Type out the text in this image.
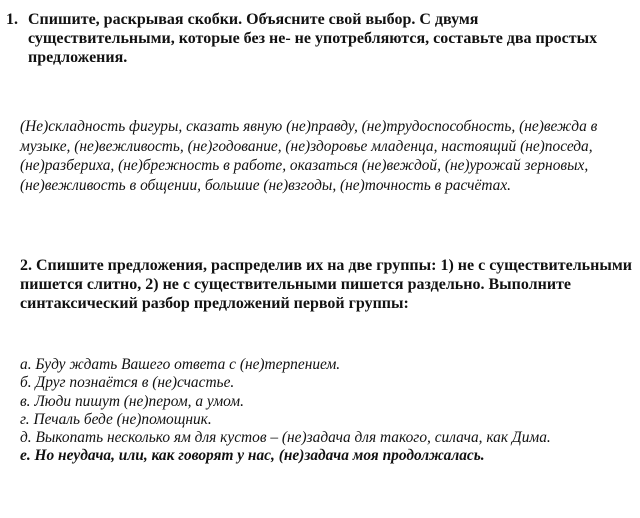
1. Спишите, раскрывая скобки. Объясните свой выбор. С двумя существительными, которые без не- не употребляются, составьте два простых предложения.

(Не)складность фигуры, сказать явную (не)правду, (не)трудоспособность, (не)вежда в музыке, (не)вежливость, (не)годование, (не)здоровье младенца, настоящий (не)поседа, (не)разбериха, (не)брежность в работе, оказаться (не)веждой, (не)урожай зерновых, (не)вежливость в общении, большие (не)взгоды, (не)точность в расчётах.

2. Спишите предложения, распределив их на две группы: 1) не с существительными пишется слитно, 2) не с существительными пишется раздельно. Выполните синтаксический разбор предложений первой группы:
а. Буду ждать Вашего ответа с (не)терпением.
б. Друг познаётся в (не)счастье.
в. Люди пишут (не)пером, а умом.
г. Печаль беде (не)помощник.
д. Выкопать несколько ям для кустов – (не)задача для такого, силача, как Дима.
е. Но неудача, или, как говорят у нас, (не)задача моя продолжалась.
